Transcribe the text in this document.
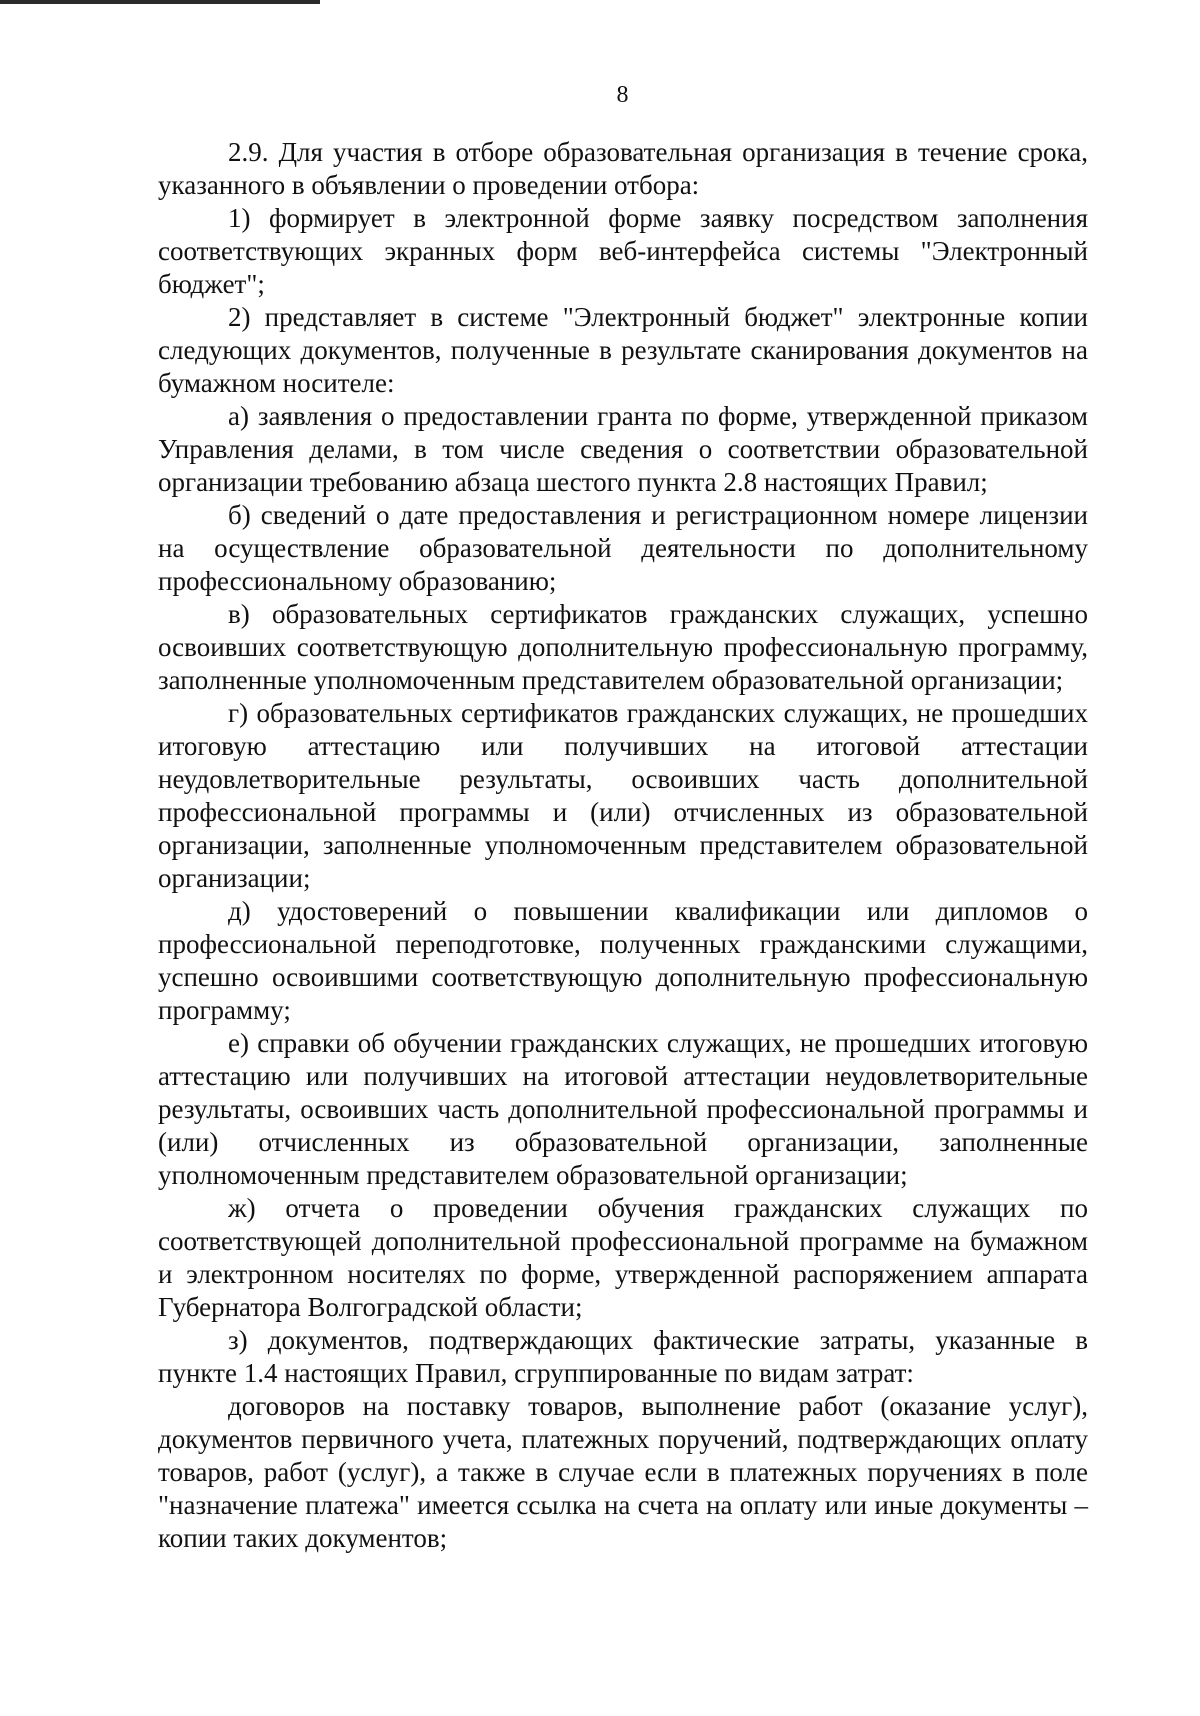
8

2.9. Для участия в отборе образовательная организация в течение срока, указанного в объявлении о проведении отбора:

1) формирует в электронной форме заявку посредством заполнения соответствующих экранных форм веб-интерфейса системы "Электронный бюджет";

2) представляет в системе "Электронный бюджет" электронные копии следующих документов, полученные в результате сканирования документов на бумажном носителе:

а) заявления о предоставлении гранта по форме, утвержденной приказом Управления делами, в том числе сведения о соответствии образовательной организации требованию абзаца шестого пункта 2.8 настоящих Правил;

б) сведений о дате предоставления и регистрационном номере лицензии на осуществление образовательной деятельности по дополнительному профессиональному образованию;

в) образовательных сертификатов гражданских служащих, успешно освоивших соответствующую дополнительную профессиональную программу, заполненные уполномоченным представителем образовательной организации;

г) образовательных сертификатов гражданских служащих, не прошедших итоговую аттестацию или получивших на итоговой аттестации неудовлетворительные результаты, освоивших часть дополнительной профессиональной программы и (или) отчисленных из образовательной организации, заполненные уполномоченным представителем образовательной организации;

д) удостоверений о повышении квалификации или дипломов о профессиональной переподготовке, полученных гражданскими служащими, успешно освоившими соответствующую дополнительную профессиональную программу;

е) справки об обучении гражданских служащих, не прошедших итоговую аттестацию или получивших на итоговой аттестации неудовлетворительные результаты, освоивших часть дополнительной профессиональной программы и (или) отчисленных из образовательной организации, заполненные уполномоченным представителем образовательной организации;

ж) отчета о проведении обучения гражданских служащих по соответствующей дополнительной профессиональной программе на бумажном и электронном носителях по форме, утвержденной распоряжением аппарата Губернатора Волгоградской области;

з) документов, подтверждающих фактические затраты, указанные в пункте 1.4 настоящих Правил, сгруппированные по видам затрат:

договоров на поставку товаров, выполнение работ (оказание услуг), документов первичного учета, платежных поручений, подтверждающих оплату товаров, работ (услуг), а также в случае если в платежных поручениях в поле "назначение платежа" имеется ссылка на счета на оплату или иные документы – копии таких документов;
